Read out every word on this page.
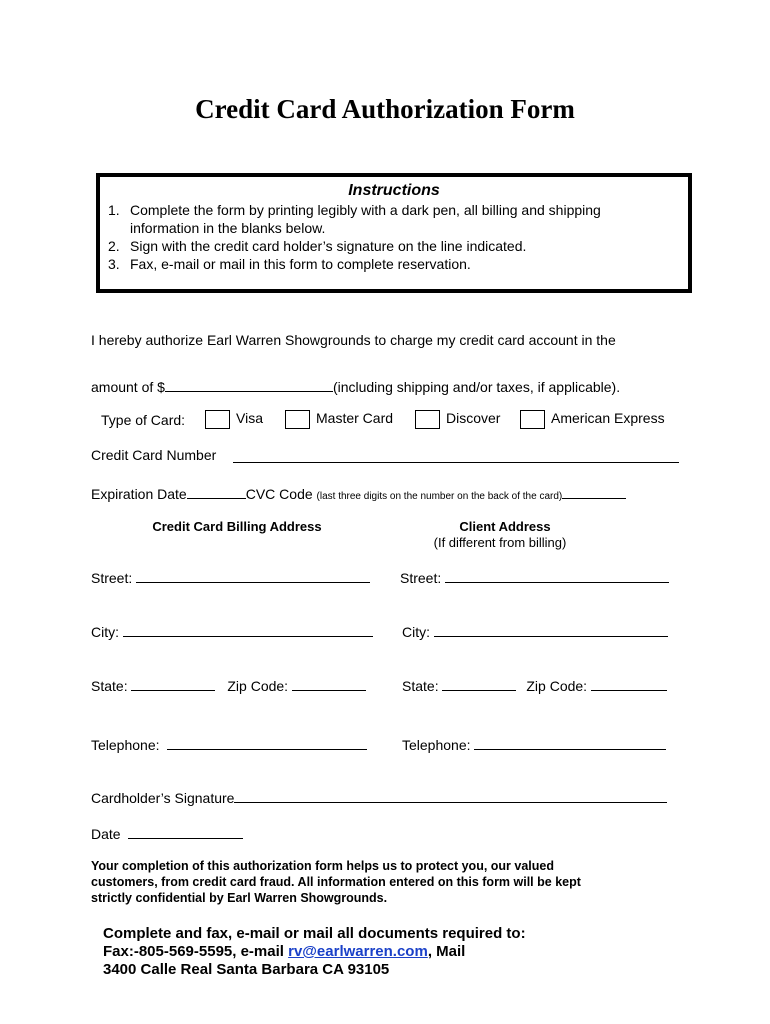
Credit Card Authorization Form
Instructions
1. Complete the form by printing legibly with a dark pen, all billing and shipping
information in the blanks below.
2. Sign with the credit card holder’s signature on the line indicated.
3. Fax, e-mail or mail in this form to complete reservation.
I hereby authorize Earl Warren Showgrounds to charge my credit card account in the
amount of $	(including shipping and/or taxes, if applicable).
Type of Card:	Visa	Master Card	Discover	American Express
Credit Card Number
Expiration Date	CVC Code (last three digits on the number on the back of the card)
Credit Card Billing Address	Client Address
(If different from billing)
Street:	Street:
City:	City:
State:	Zip Code:	State:	Zip Code:
Telephone:	Telephone:
Cardholder’s Signature
Date
Your completion of this authorization form helps us to protect you, our valued
customers, from credit card fraud. All information entered on this form will be kept
strictly confidential by Earl Warren Showgrounds.
Complete and fax, e-mail or mail all documents required to:
Fax:-805-569-5595, e-mail rv@earlwarren.com, Mail
3400 Calle Real Santa Barbara CA 93105
